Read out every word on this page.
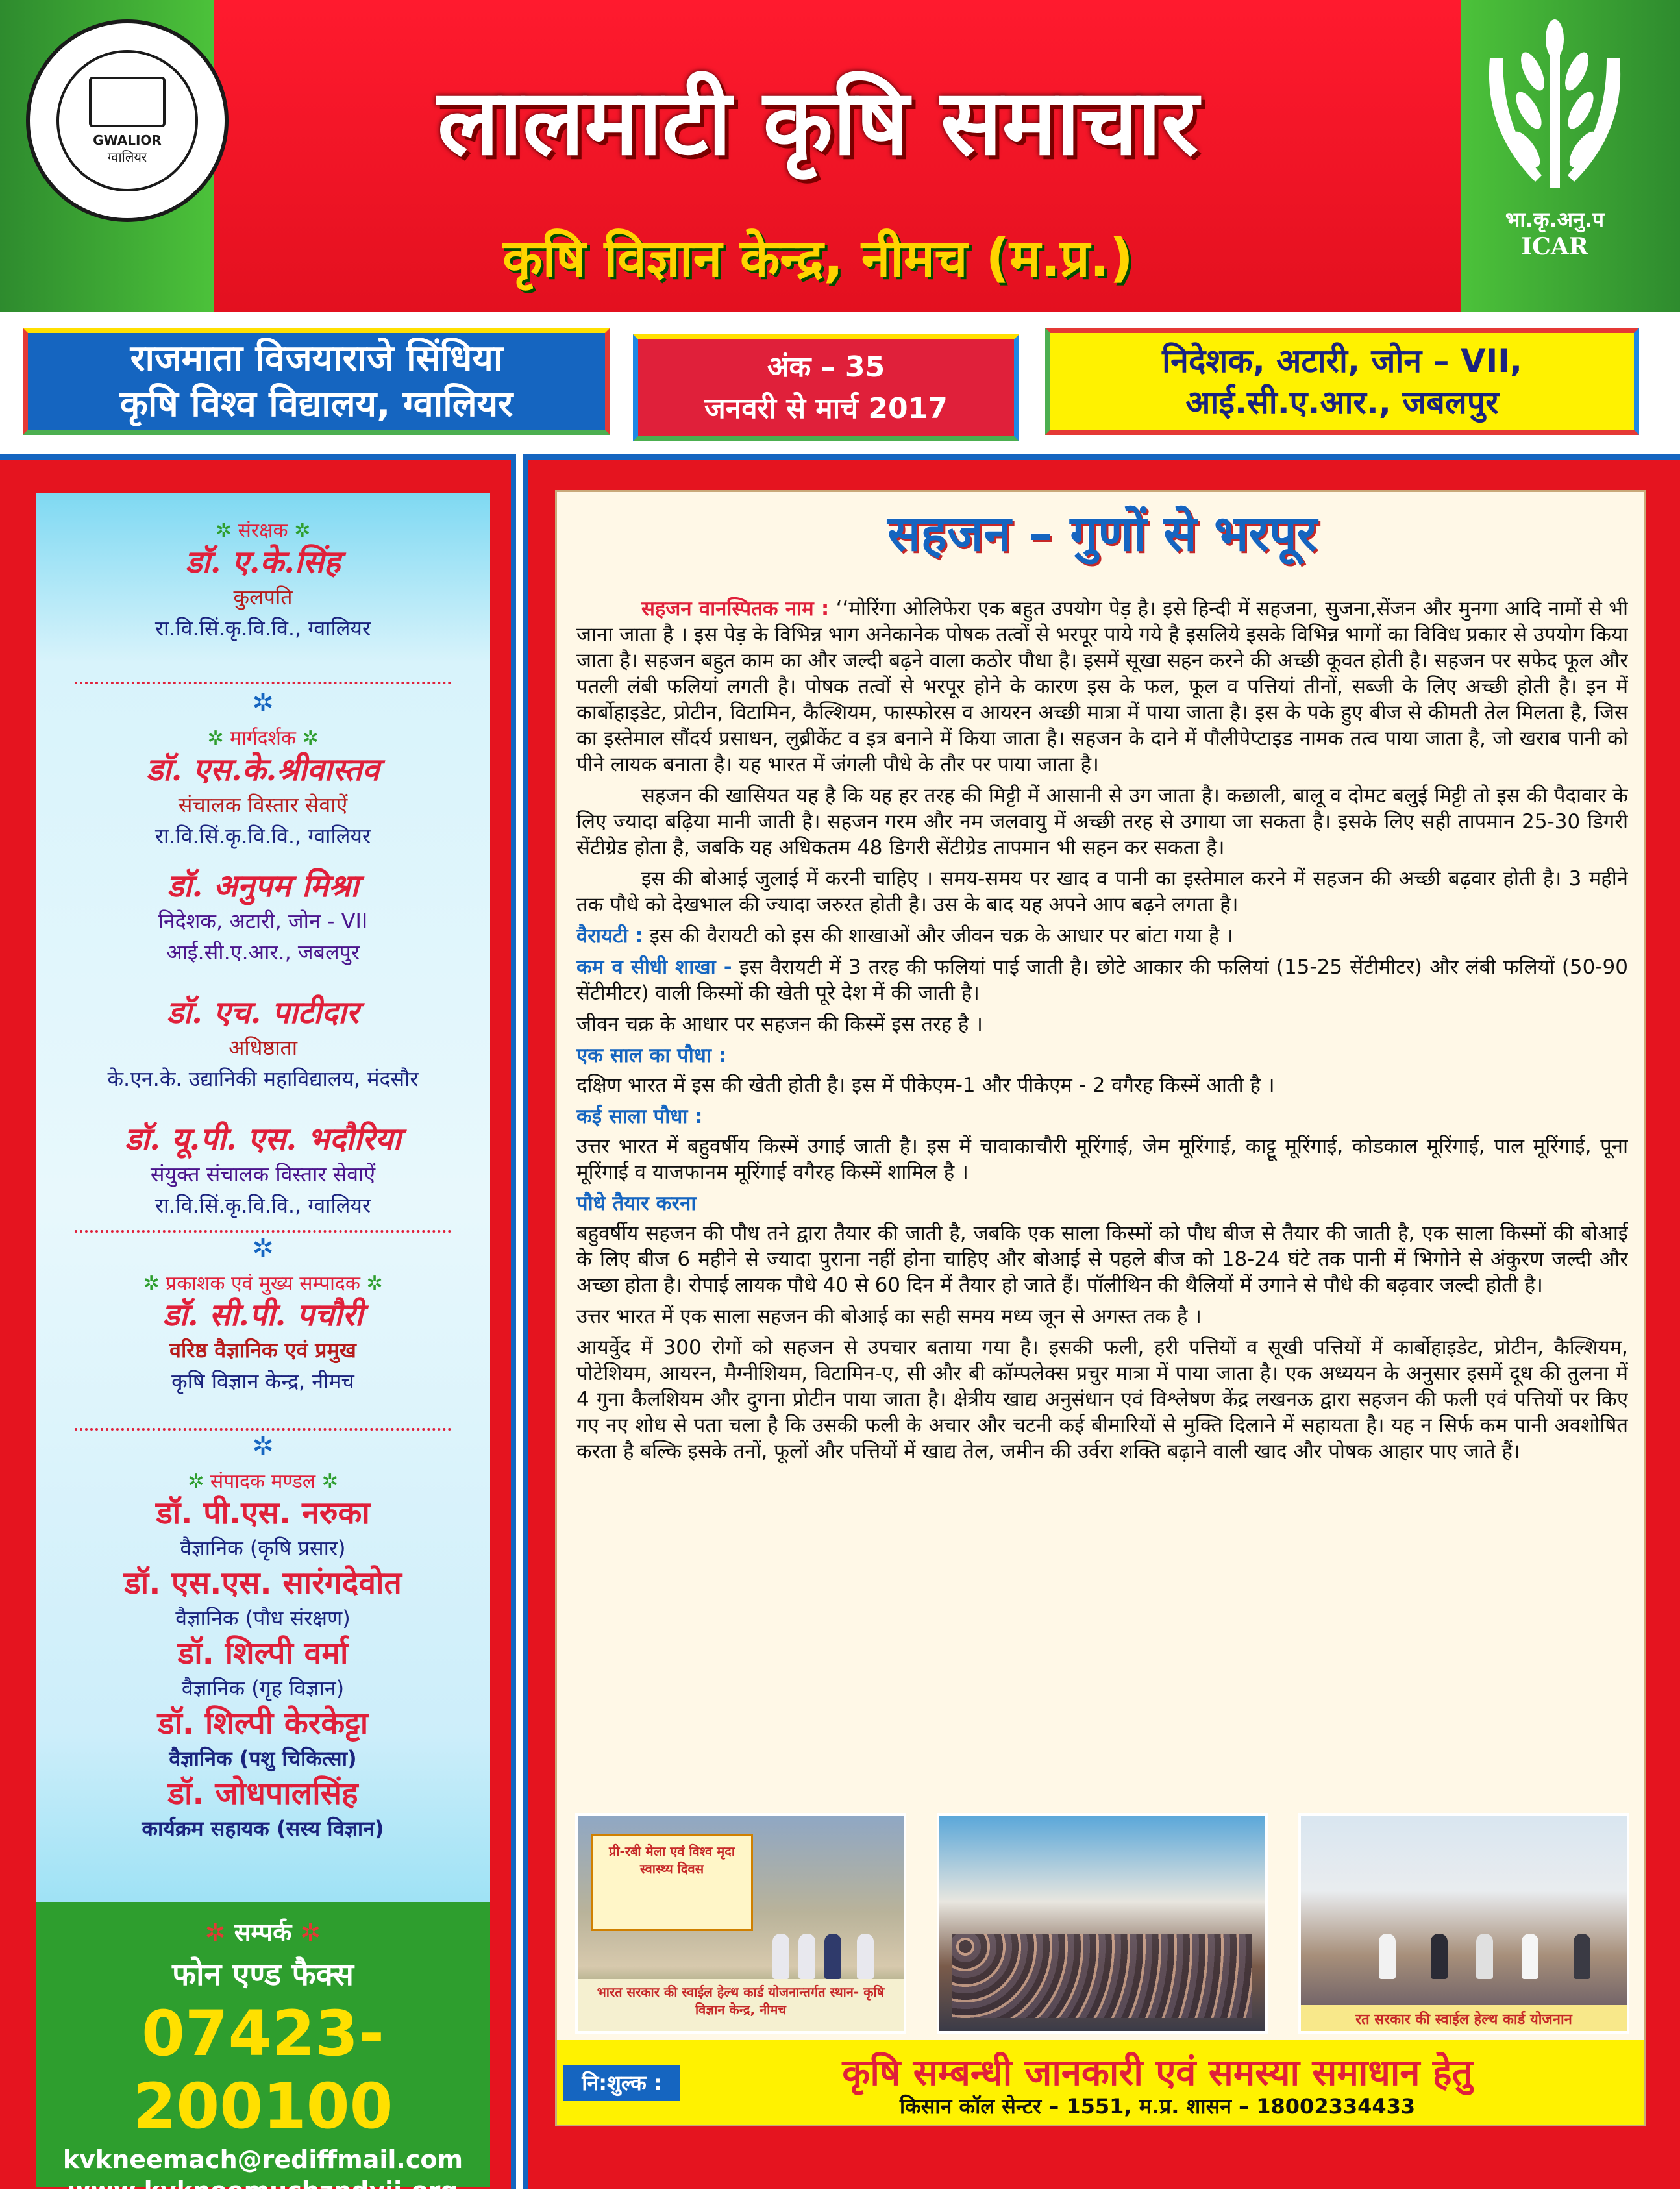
GWALIOR
ग्वालियर	लालमाटी कृषि समाचार
कृषि विज्ञान केन्द्र, नीमच (म.प्र.)
भा.कृ.अनु.प
ICAR
राजमाता विजयाराजे सिंधिया
कृषि विश्व विद्यालय, ग्वालियर
अंक – 35
जनवरी से मार्च 2017
निदेशक, अटारी, जोन – VII,
आई.सी.ए.आर., जबलपुर
✲ संरक्षक ✲
डॉ. ए.के.सिंह
कुलपति
रा.वि.सिं.कृ.वि.वि., ग्वालियर
✲
✲ मार्गदर्शक ✲
डॉ. एस.के.श्रीवास्तव
संचालक विस्तार सेवाऐं
रा.वि.सिं.कृ.वि.वि., ग्वालियर
डॉ. अनुपम मिश्रा
निदेशक, अटारी, जोन - VII
आई.सी.ए.आर., जबलपुर
डॉ. एच. पाटीदार
अधिष्ठाता
के.एन.के. उद्यानिकी महाविद्यालय, मंदसौर
डॉ. यू.पी. एस. भदौरिया
संयुक्त संचालक विस्तार सेवाऐं
रा.वि.सिं.कृ.वि.वि., ग्वालियर
✲
✲ प्रकाशक एवं मुख्य सम्पादक ✲
डॉ. सी.पी. पचौरी
वरिष्ठ वैज्ञानिक एवं प्रमुख
कृषि विज्ञान केन्द्र, नीमच
✲
✲ संपादक मण्डल ✲
डॉ. पी.एस. नरुका
वैज्ञानिक (कृषि प्रसार)
डॉ. एस.एस. सारंगदेवोत
वैज्ञानिक (पौध संरक्षण)
डॉ. शिल्पी वर्मा
वैज्ञानिक (गृह विज्ञान)
डॉ. शिल्पी केरकेट्टा
वैज्ञानिक (पशु चिकित्सा)
डॉ. जोधपालसिंह
कार्यक्रम सहायक (सस्य विज्ञान)
✲ सम्पर्क ✲
फोन एण्ड फैक्स
07423-200100
kvkneemach@rediffmail.com
www.kvkneemuchzpdvii.org
सहजन – गुणों से भरपूर

सहजन वानस्पितक नाम : ‘‘मोरिंगा ओलिफेरा एक बहुत उपयोग पेड़ है। इसे हिन्दी में सहजना, सुजना,सेंजन और मुनगा आदि नामों से भी जाना जाता है । इस पेड़ के विभिन्न भाग अनेकानेक पोषक तत्वों से भरपूर पाये गये है इसलिये इसके विभिन्न भागों का विविध प्रकार से उपयोग किया जाता है। सहजन बहुत काम का और जल्दी बढ़ने वाला कठोर पौधा है। इसमें सूखा सहन करने की अच्छी कूवत होती है। सहजन पर सफेद फूल और पतली लंबी फलियां लगती है। पोषक तत्वों से भरपूर होने के कारण इस के फल, फूल व पत्तियां तीनों, सब्जी के लिए अच्छी होती है। इन में कार्बोहाइडेट, प्रोटीन, विटामिन, कैल्शियम, फास्फोरस व आयरन अच्छी मात्रा में पाया जाता है। इस के पके हुए बीज से कीमती तेल मिलता है, जिस का इस्तेमाल सौंदर्य प्रसाधन, लुब्रीकेंट व इत्र बनाने में किया जाता है। सहजन के दाने में पौलीपेप्टाइड नामक तत्व पाया जाता है, जो खराब पानी को पीने लायक बनाता है। यह भारत में जंगली पौधे के तौर पर पाया जाता है।

सहजन की खासियत यह है कि यह हर तरह की मिट्टी में आसानी से उग जाता है। कछाली, बालू व दोमट बलुई मिट्टी तो इस की पैदावार के लिए ज्यादा बढ़िया मानी जाती है। सहजन गरम और नम जलवायु में अच्छी तरह से उगाया जा सकता है। इसके लिए सही तापमान 25-30 डिगरी सेंटीग्रेड होता है, जबकि यह अधिकतम 48 डिगरी सेंटीग्रेड तापमान भी सहन कर सकता है।

इस की बोआई जुलाई में करनी चाहिए । समय-समय पर खाद व पानी का इस्तेमाल करने में सहजन की अच्छी बढ़वार होती है। 3 महीने तक पौधे को देखभाल की ज्यादा जरुरत होती है। उस के बाद यह अपने आप बढ़ने लगता है।

वैरायटी : इस की वैरायटी को इस की शाखाओं और जीवन चक्र के आधार पर बांटा गया है ।

कम व सीधी शाखा - इस वैरायटी में 3 तरह की फलियां पाई जाती है। छोटे आकार की फलियां (15-25 सेंटीमीटर) और लंबी फलियों (50-90 सेंटीमीटर) वाली किस्मों की खेती पूरे देश में की जाती है।

जीवन चक्र के आधार पर सहजन की किस्में इस तरह है ।

एक साल का पौधा :

दक्षिण भारत में इस की खेती होती है। इस में पीकेएम-1 और पीकेएम - 2 वगैरह किस्में आती है ।

कई साला पौधा :

उत्तर भारत में बहुवर्षीय किस्में उगाई जाती है। इस में चावाकाचौरी मूरिंगाई, जेम मूरिंगाई, काट्टू मूरिंगाई, कोडकाल मूरिंगाई, पाल मूरिंगाई, पूना मूरिंगाई व याजफानम मूरिंगाई वगैरह किस्में शामिल है ।

पौधे तैयार करना

बहुवर्षीय सहजन की पौध तने द्वारा तैयार की जाती है, जबकि एक साला किस्मों को पौध बीज से तैयार की जाती है, एक साला किस्मों की बोआई के लिए बीज 6 महीने से ज्यादा पुराना नहीं होना चाहिए और बोआई से पहले बीज को 18-24 घंटे तक पानी में भिगोने से अंकुरण जल्दी और अच्छा होता है। रोपाई लायक पौधे 40 से 60 दिन में तैयार हो जाते हैं। पॉलीथिन की थैलियों में उगाने से पौधे की बढ़वार जल्दी होती है।

उत्तर भारत में एक साला सहजन की बोआई का सही समय मध्य जून से अगस्त तक है ।

आयर्वुेद में 300 रोगों को सहजन से उपचार बताया गया है। इसकी फली, हरी पत्तियों व सूखी पत्तियों में कार्बोहाइडेट, प्रोटीन, कैल्शियम, पोटेशियम, आयरन, मैग्नीशियम, विटामिन-ए, सी और बी कॉम्पलेक्स प्रचुर मात्रा में पाया जाता है। एक अध्ययन के अनुसार इसमें दूध की तुलना में 4 गुना कैलशियम और दुगना प्रोटीन पाया जाता है। क्षेत्रीय खाद्य अनुसंधान एवं विश्लेषण केंद्र लखनऊ द्वारा सहजन की फली एवं पत्तियों पर किए गए नए शोध से पता चला है कि उसकी फली के अचार और चटनी कई बीमारियों से मुक्ति दिलाने में सहायता है। यह न सिर्फ कम पानी अवशोषित करता है बल्कि इसके तनों, फूलों और पत्तियों में खाद्य तेल, जमीन की उर्वरा शक्ति बढ़ाने वाली खाद और पोषक आहार पाए जाते हैं।

प्री-रबी मेला एवं विश्व मृदा स्वास्थ्य दिवस
भारत सरकार की स्वाईल हेल्थ कार्ड योजनान्तर्गत स्थान- कृषि विज्ञान केन्द्र, नीमच
रत सरकार की स्वाईल हेल्थ कार्ड योजनान
नि:शुल्क :	कृषि सम्बन्धी जानकारी एवं समस्या समाधान हेतु
किसान कॉल सेन्टर – 1551, म.प्र. शासन – 18002334433
